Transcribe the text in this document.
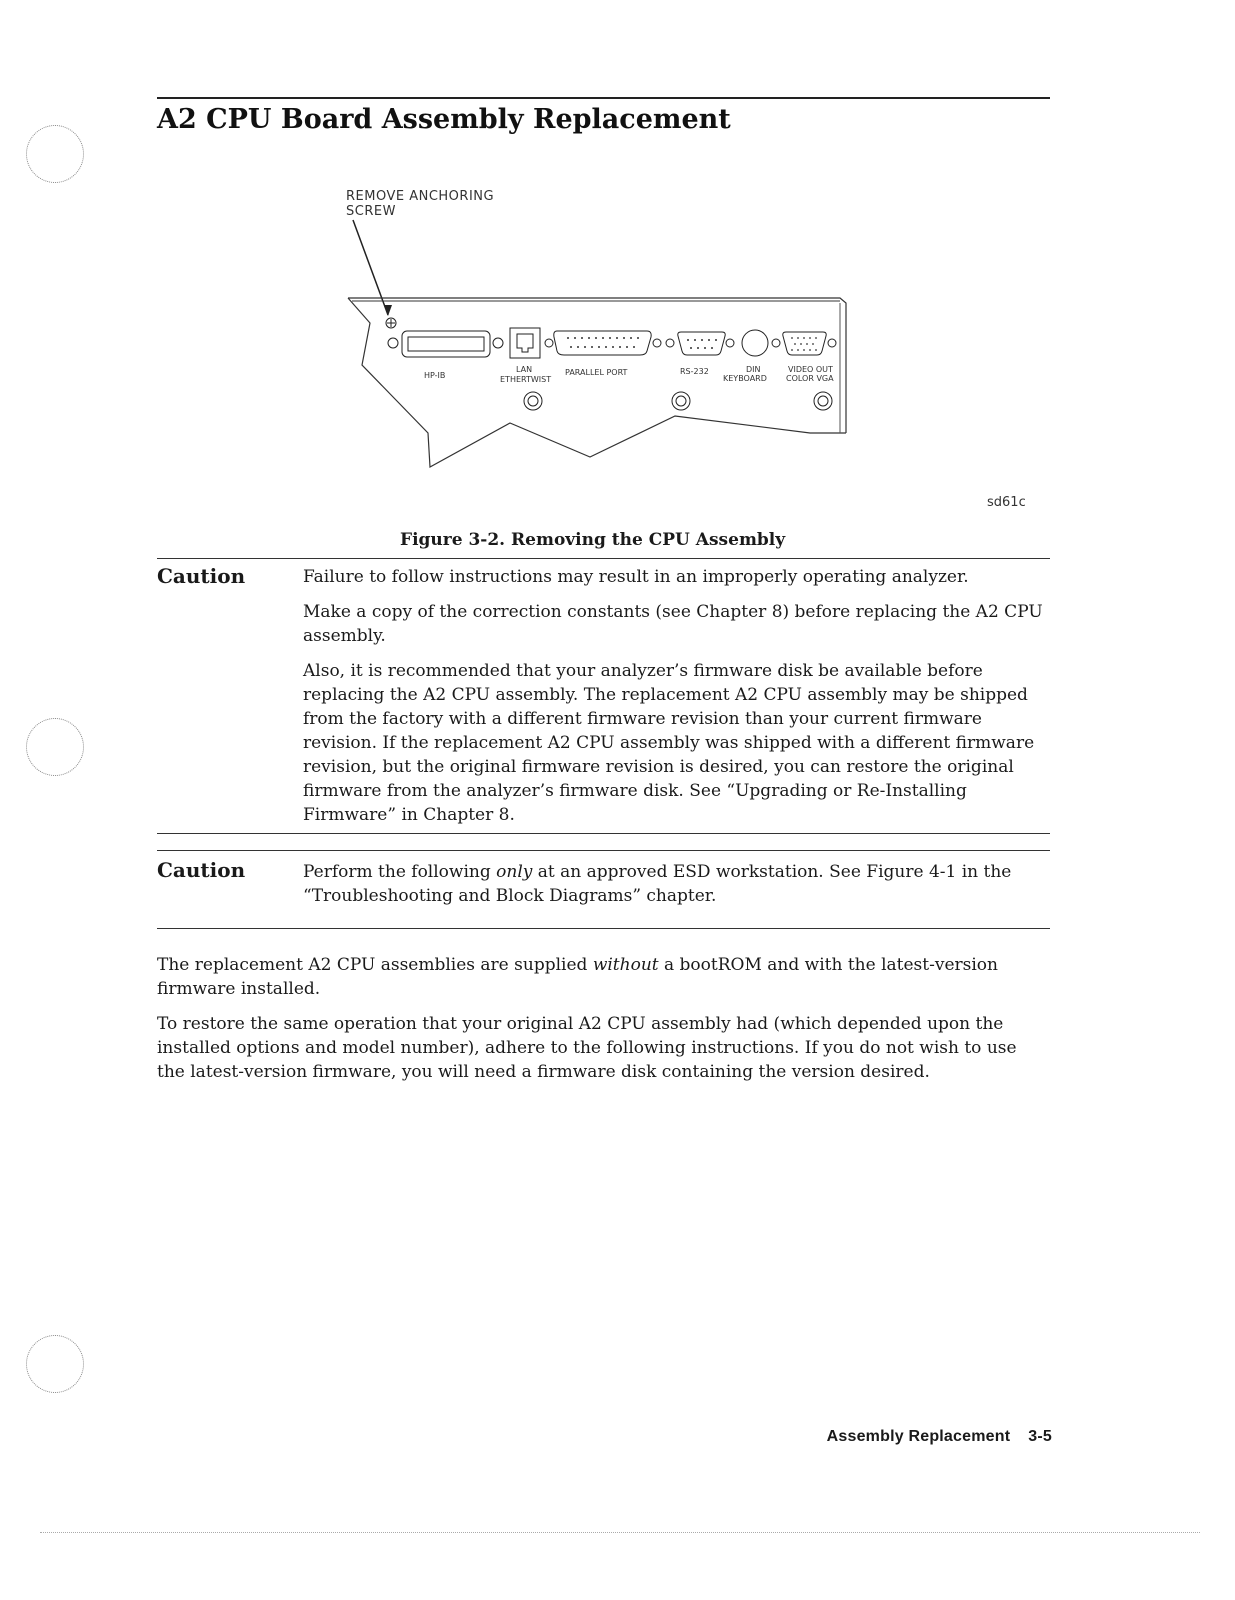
A2 CPU Board Assembly Replacement
REMOVE ANCHORING
SCREW
HP-IB
LAN
ETHERTWIST
PARALLEL PORT	RS-232	DIN
KEYBOARD
VIDEO OUT
COLOR VGA
sd61c
Figure 3-2. Removing the CPU Assembly
Caution	Failure to follow instructions may result in an improperly operating analyzer.

Make a copy of the correction constants (see Chapter 8) before replacing the A2 CPU assembly.

Also, it is recommended that your analyzer’s firmware disk be available before replacing the A2 CPU assembly. The replacement A2 CPU assembly may be shipped from the factory with a different firmware revision than your current firmware revision. If the replacement A2 CPU assembly was shipped with a different firmware revision, but the original firmware revision is desired, you can restore the original firmware from the analyzer’s firmware disk. See “Upgrading or Re-Installing Firmware” in Chapter 8.

Caution	Perform the following only at an approved ESD workstation. See Figure 4-1 in the “Troubleshooting and Block Diagrams” chapter.

The replacement A2 CPU assemblies are supplied without a bootROM and with the latest-version firmware installed.

To restore the same operation that your original A2 CPU assembly had (which depended upon the installed options and model number), adhere to the following instructions. If you do not wish to use the latest-version firmware, you will need a firmware disk containing the version desired.

Assembly Replacement 3-5
